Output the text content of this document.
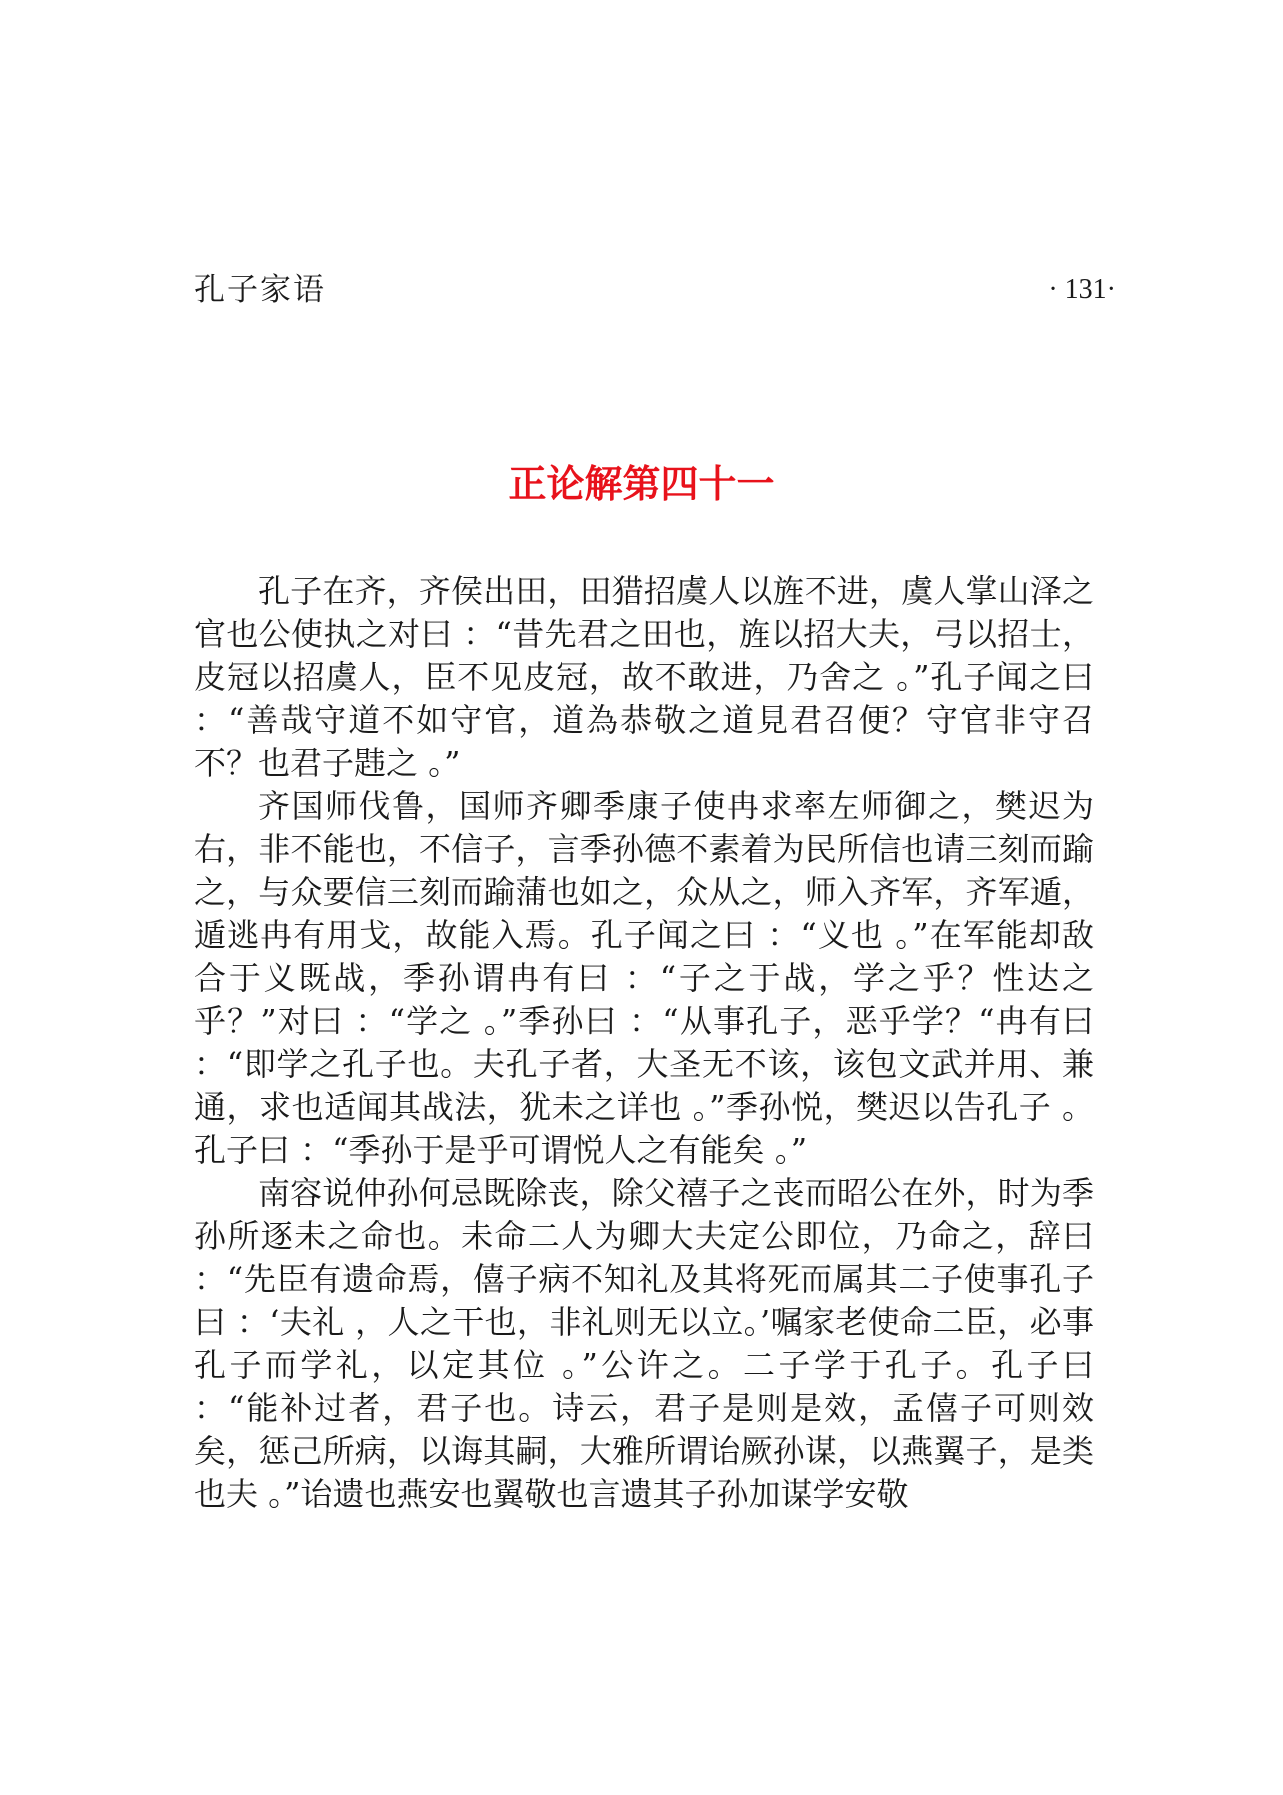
孔子家语	· 131·
正论解第四十一

孔子在齐，齐侯出田，田猎招虞人以旌不进，虞人掌山泽之官也公使执之对曰 ：“昔先君之田也，旌以招大夫，弓以招士，皮冠以招虞人，臣不见皮冠，故不敢进，乃舍之 。”孔子闻之曰 ：“善哉守道不如守官，道為恭敬之道見君召便？守官非守召不？也君子韪之 。”

齐国师伐鲁，国师齐卿季康子使冉求率左师御之，樊迟为右，非不能也，不信子，言季孙德不素着为民所信也请三刻而踰之，与众要信三刻而踰蒲也如之，众从之，师入齐军，齐军遁，遁逃冉有用戈，故能入焉。孔子闻之曰 ：“义也 。”在军能却敌合于义既战，季孙谓冉有曰 ：“子之于战，学之乎？性达之乎？”对曰 ：“学之 。”季孙曰 ：“从事孔子，恶乎学？“冉有曰 ：“即学之孔子也。夫孔子者，大圣无不该，该包文武并用、兼通，求也适闻其战法，犹未之详也 。”季孙悦，樊迟以告孔子 。孔子曰 ：“季孙于是乎可谓悦人之有能矣 。”

南容说仲孙何忌既除丧，除父禧子之丧而昭公在外，时为季孙所逐未之命也。未命二人为卿大夫定公即位，乃命之，辞曰 ：“先臣有遗命焉，僖子病不知礼及其将死而属其二子使事孔子曰 ：‘夫礼 ，人之干也，非礼则无以立。’嘱家老使命二臣，必事孔子而学礼，以定其位 。”公许之。二子学于孔子。孔子曰 ：“能补过者，君子也。诗云，君子是则是效，孟僖子可则效矣，惩己所病，以诲其嗣，大雅所谓诒厥孙谋，以燕翼子，是类也夫 。”诒遗也燕安也翼敬也言遗其子孙加谋学安敬
